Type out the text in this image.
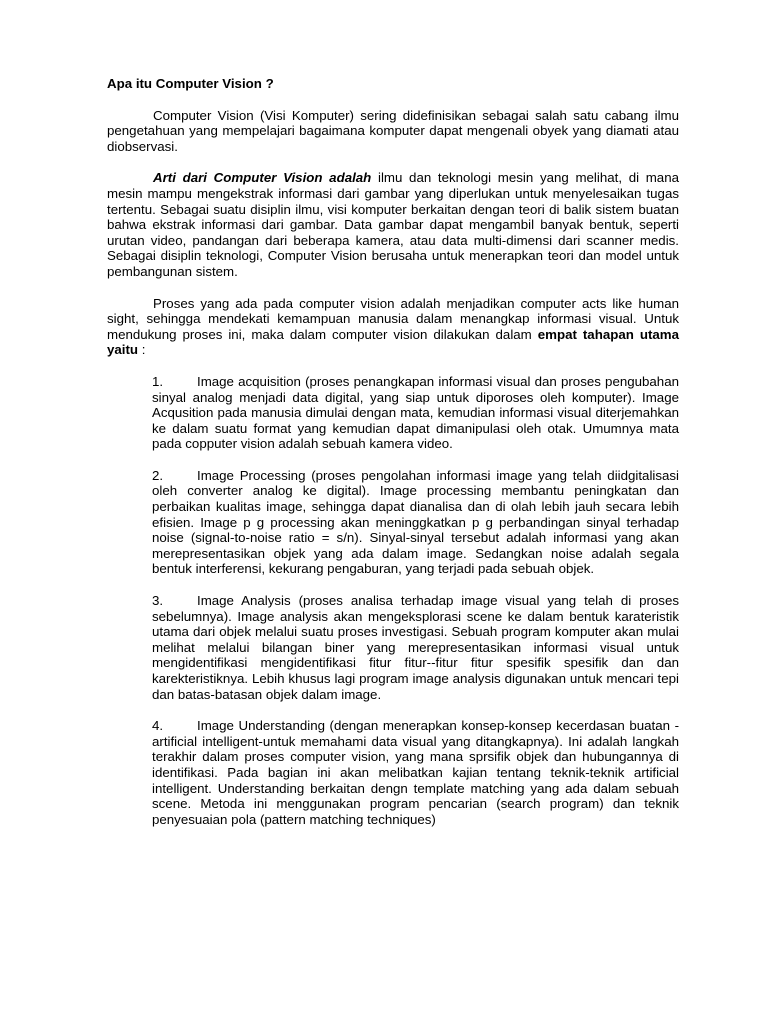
Apa itu Computer Vision ?

Computer Vision (Visi Komputer) sering didefinisikan sebagai salah satu cabang ilmu pengetahuan yang mempelajari bagaimana komputer dapat mengenali obyek yang diamati atau diobservasi.

Arti dari Computer Vision adalah ilmu dan teknologi mesin yang melihat, di mana mesin mampu mengekstrak informasi dari gambar yang diperlukan untuk menyelesaikan tugas tertentu. Sebagai suatu disiplin ilmu, visi komputer berkaitan dengan teori di balik sistem buatan bahwa ekstrak informasi dari gambar. Data gambar dapat mengambil banyak bentuk, seperti urutan video, pandangan dari beberapa kamera, atau data multi-dimensi dari scanner medis. Sebagai disiplin teknologi, Computer Vision berusaha untuk menerapkan teori dan model untuk pembangunan sistem.

Proses yang ada pada computer vision adalah menjadikan computer acts like human sight, sehingga mendekati kemampuan manusia dalam menangkap informasi visual. Untuk mendukung proses ini, maka dalam computer vision dilakukan dalam empat tahapan utama yaitu :

1.	Image acquisition (proses penangkapan informasi visual dan proses pengubahan sinyal analog menjadi data digital, yang siap untuk diporoses oleh komputer). Image Acqusition pada manusia dimulai dengan mata, kemudian informasi visual diterjemahkan ke dalam suatu format yang kemudian dapat dimanipulasi oleh otak. Umumnya mata pada copputer vision adalah sebuah kamera video.

2.	Image Processing (proses pengolahan informasi image yang telah diidgitalisasi oleh converter analog ke digital). Image processing membantu peningkatan dan perbaikan kualitas image, sehingga dapat dianalisa dan di olah lebih jauh secara lebih efisien. Image p g processing akan meninggkatkan p g perbandingan sinyal terhadap noise (signal-to-noise ratio = s/n). Sinyal-sinyal tersebut adalah informasi yang akan merepresentasikan objek yang ada dalam image. Sedangkan noise adalah segala bentuk interferensi, kekurang pengaburan, yang terjadi pada sebuah objek.

3.	Image Analysis (proses analisa terhadap image visual yang telah di proses sebelumnya). Image analysis akan mengeksplorasi scene ke dalam bentuk karateristik utama dari objek melalui suatu proses investigasi. Sebuah program komputer akan mulai melihat melalui bilangan biner yang merepresentasikan informasi visual untuk mengidentifikasi mengidentifikasi fitur fitur--fitur fitur spesifik spesifik dan dan karekteristiknya. Lebih khusus lagi program image analysis digunakan untuk mencari tepi dan batas-batasan objek dalam image.

4.	Image Understanding (dengan menerapkan konsep-konsep kecerdasan buatan -artificial intelligent-untuk memahami data visual yang ditangkapnya). Ini adalah langkah terakhir dalam proses computer vision, yang mana sprsifik objek dan hubungannya di identifikasi. Pada bagian ini akan melibatkan kajian tentang teknik-teknik artificial intelligent. Understanding berkaitan dengn template matching yang ada dalam sebuah scene. Metoda ini menggunakan program pencarian (search program) dan teknik penyesuaian pola (pattern matching techniques)
